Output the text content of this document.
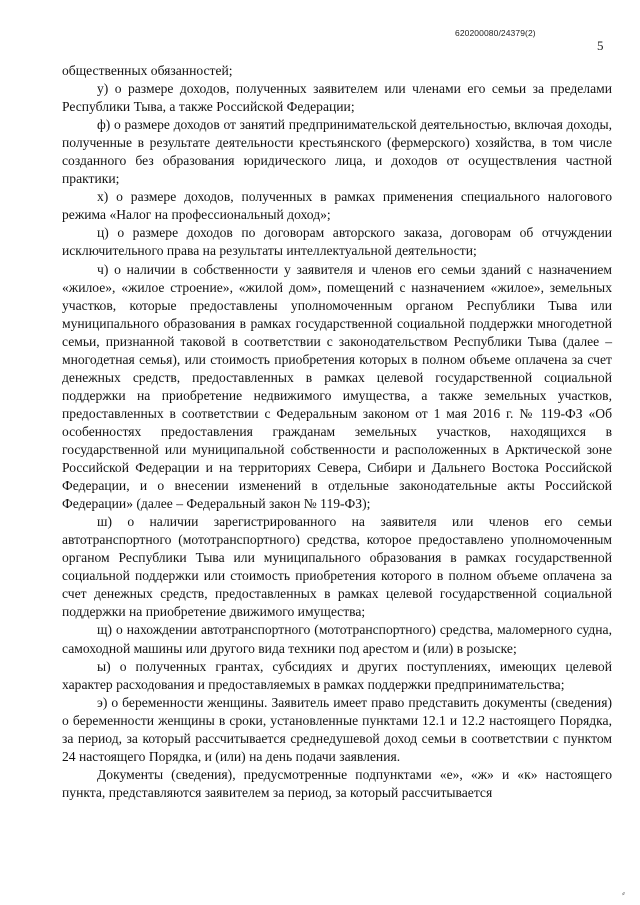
620200080/24379(2)
5

общественных обязанностей;

у) о размере доходов, полученных заявителем или членами его семьи за пределами Республики Тыва, а также Российской Федерации;

ф) о размере доходов от занятий предпринимательской деятельностью, включая доходы, полученные в результате деятельности крестьянского (фермерского) хозяйства, в том числе созданного без образования юридического лица, и доходов от осуществления частной практики;

х) о размере доходов, полученных в рамках применения специального налогового режима «Налог на профессиональный доход»;

ц) о размере доходов по договорам авторского заказа, договорам об отчуждении исключительного права на результаты интеллектуальной деятельности;

ч) о наличии в собственности у заявителя и членов его семьи зданий с назначением «жилое», «жилое строение», «жилой дом», помещений с назначением «жилое», земельных участков, которые предоставлены уполномоченным органом Республики Тыва или муниципального образования в рамках государственной социальной поддержки многодетной семьи, признанной таковой в соответствии с законодательством Республики Тыва (далее – многодетная семья), или стоимость приобретения которых в полном объеме оплачена за счет денежных средств, предоставленных в рамках целевой государственной социальной поддержки на приобретение недвижимого имущества, а также земельных участков, предоставленных в соответствии с Федеральным законом от 1 мая 2016 г. № 119-ФЗ «Об особенностях предоставления гражданам земельных участков, находящихся в государственной или муниципальной собственности и расположенных в Арктической зоне Российской Федерации и на территориях Севера, Сибири и Дальнего Востока Российской Федерации, и о внесении изменений в отдельные законодательные акты Российской Федерации» (далее – Федеральный закон № 119-ФЗ);

ш) о наличии зарегистрированного на заявителя или членов его семьи автотранспортного (мототранспортного) средства, которое предоставлено уполномоченным органом Республики Тыва или муниципального образования в рамках государственной социальной поддержки или стоимость приобретения которого в полном объеме оплачена за счет денежных средств, предоставленных в рамках целевой государственной социальной поддержки на приобретение движимого имущества;

щ) о нахождении автотранспортного (мототранспортного) средства, маломерного судна, самоходной машины или другого вида техники под арестом и (или) в розыске;

ы) о полученных грантах, субсидиях и других поступлениях, имеющих целевой характер расходования и предоставляемых в рамках поддержки предпринимательства;

э) о беременности женщины. Заявитель имеет право представить документы (сведения) о беременности женщины в сроки, установленные пунктами 12.1 и 12.2 настоящего Порядка, за период, за который рассчитывается среднедушевой доход семьи в соответствии с пунктом 24 настоящего Порядка, и (или) на день подачи заявления.

Документы (сведения), предусмотренные подпунктами «е», «ж» и «к» настоящего пункта, представляются заявителем за период, за который рассчитывается

⸗
